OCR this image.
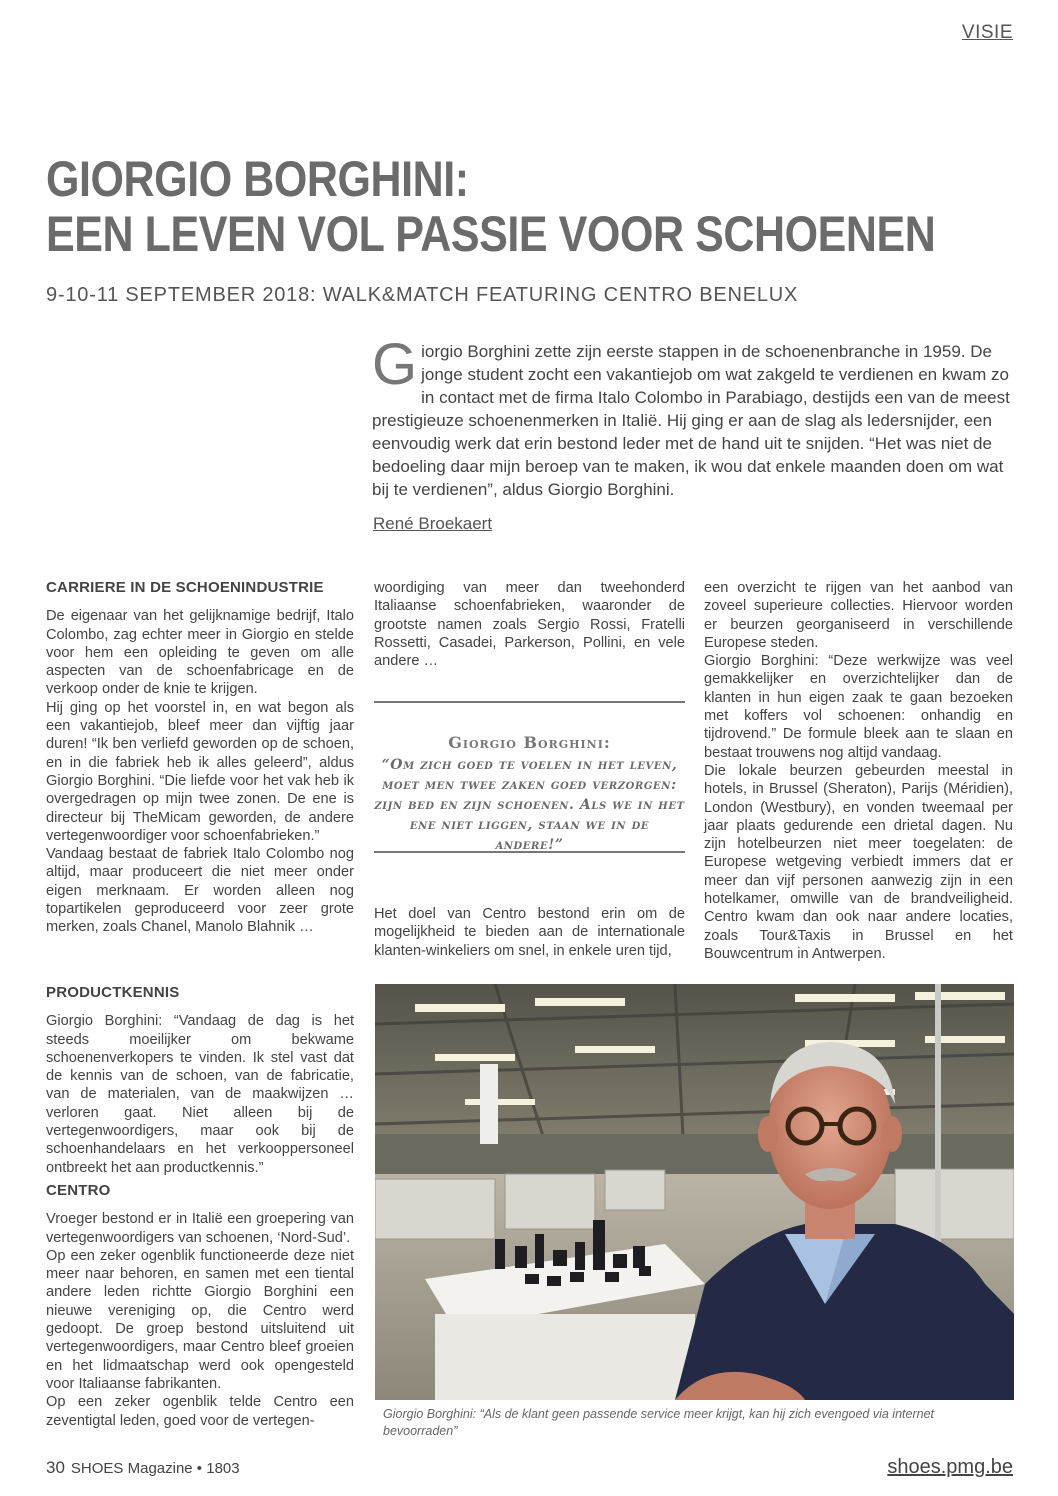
VISIE
GIORGIO BORGHINI:
EEN LEVEN VOL PASSIE VOOR SCHOENEN
9-10-11 SEPTEMBER 2018: WALK&MATCH FEATURING CENTRO BENELUX
Giorgio Borghini zette zijn eerste stappen in de schoenenbranche in 1959. De jonge student zocht een vakantiejob om wat zakgeld te verdienen en kwam zo in contact met de firma Italo Colombo in Parabiago, destijds een van de meest prestigieuze schoenenmerken in Italië. Hij ging er aan de slag als ledersnijder, een eenvoudig werk dat erin bestond leder met de hand uit te snijden. “Het was niet de bedoeling daar mijn beroep van te maken, ik wou dat enkele maanden doen om wat bij te verdienen”, aldus Giorgio Borghini.
René Broekaert
CARRIERE IN DE SCHOENINDUSTRIE

De eigenaar van het gelijknamige bedrijf, Italo Colombo, zag echter meer in Giorgio en stelde voor hem een opleiding te geven om alle aspecten van de schoenfabricage en de verkoop onder de knie te krijgen.

Hij ging op het voorstel in, en wat begon als een vakantiejob, bleef meer dan vijftig jaar duren! “Ik ben verliefd geworden op de schoen, en in die fabriek heb ik alles geleerd”, aldus Giorgio Borghini. “Die liefde voor het vak heb ik overgedragen op mijn twee zonen. De ene is directeur bij TheMicam geworden, de andere vertegenwoordiger voor schoenfabrieken.”

Vandaag bestaat de fabriek Italo Colombo nog altijd, maar produceert die niet meer onder eigen merknaam. Er worden alleen nog topartikelen geproduceerd voor zeer grote merken, zoals Chanel, Manolo Blahnik …

PRODUCTKENNIS

Giorgio Borghini: “Vandaag de dag is het steeds moeilijker om bekwame schoenenverkopers te vinden. Ik stel vast dat de kennis van de schoen, van de fabricatie, van de materialen, van de maakwijzen … verloren gaat. Niet alleen bij de vertegenwoordigers, maar ook bij de schoenhandelaars en het verkooppersoneel ontbreekt het aan productkennis.”

CENTRO

Vroeger bestond er in Italië een groepering van vertegenwoordigers van schoenen, ‘Nord-Sud’.

Op een zeker ogenblik functioneerde deze niet meer naar behoren, en samen met een tiental andere leden richtte Giorgio Borghini een nieuwe vereniging op, die Centro werd gedoopt. De groep bestond uitsluitend uit vertegenwoordigers, maar Centro bleef groeien en het lidmaatschap werd ook opengesteld voor Italiaanse fabrikanten.

Op een zeker ogenblik telde Centro een zeventigtal leden, goed voor de vertegen-

woordiging van meer dan tweehonderd Italiaanse schoenfabrieken, waaronder de grootste namen zoals Sergio Rossi, Fratelli Rossetti, Casadei, Parkerson, Pollini, en vele andere …

Giorgio Borghini:
“Om zich goed te voelen in het leven, moet men twee zaken goed verzorgen: zijn bed en zijn schoenen. Als we in het ene niet liggen, staan we in de andere!”

Het doel van Centro bestond erin om de mogelijkheid te bieden aan de internationale klanten-winkeliers om snel, in enkele uren tijd,

een overzicht te rijgen van het aanbod van zoveel superieure collecties. Hiervoor worden er beurzen georganiseerd in verschillende Europese steden.

Giorgio Borghini: “Deze werkwijze was veel gemakkelijker en overzichtelijker dan de klanten in hun eigen zaak te gaan bezoeken met koffers vol schoenen: onhandig en tijdrovend.” De formule bleek aan te slaan en bestaat trouwens nog altijd vandaag.

Die lokale beurzen gebeurden meestal in hotels, in Brussel (Sheraton), Parijs (Méridien), London (Westbury), en vonden tweemaal per jaar plaats gedurende een drietal dagen. Nu zijn hotelbeurzen niet meer toegelaten: de Europese wetgeving verbiedt immers dat er meer dan vijf personen aanwezig zijn in een hotelkamer, omwille van de brandveiligheid. Centro kwam dan ook naar andere locaties, zoals Tour&Taxis in Brussel en het Bouwcentrum in Antwerpen.

Giorgio Borghini: “Als de klant geen passende service meer krijgt, kan hij zich evengoed via internet bevoorraden”
30 SHOES Magazine • 1803	shoes.pmg.be
